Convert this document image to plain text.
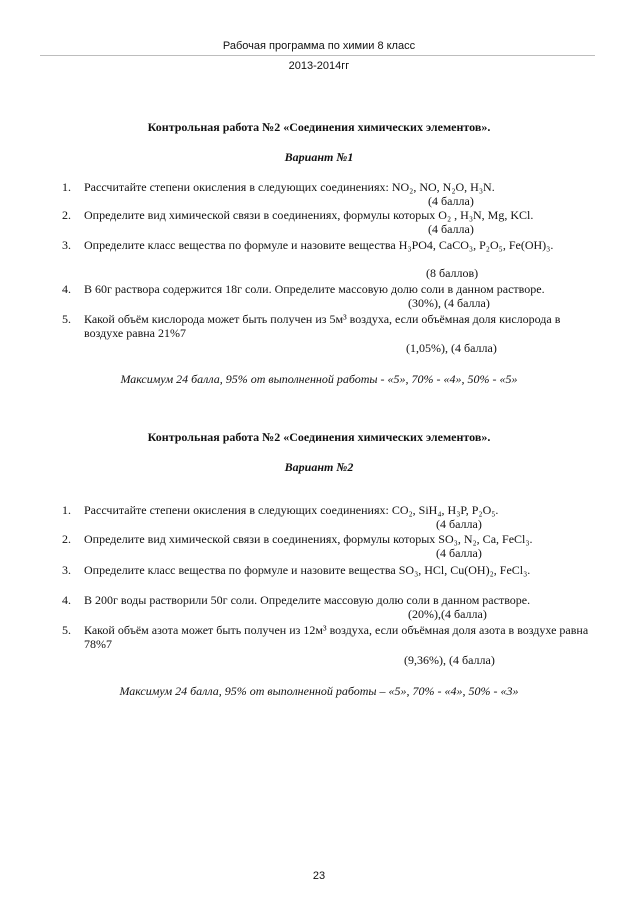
Рабочая программа по химии 8 класс
2013-2014гг
Контрольная работа №2 «Соединения химических элементов».
Вариант №1
1.	Рассчитайте степени окисления в следующих соединениях: NO₂, NO, N₂O, H₃N.
(4 балла)
2.	Определите вид химической связи в соединениях, формулы которых O₂ , H₃N, Mg, KCl.
(4 балла)
3.	Определите класс вещества по формуле и назовите вещества H₃PO4, CaCO₃, P₂O₅, Fe(OH)₃.
(8 баллов)
4.	В 60г раствора содержится 18г соли. Определите массовую долю соли в данном растворе.
(30%), (4 балла)
5.	Какой объём кислорода может быть получен из 5м³ воздуха, если объёмная доля кислорода в воздухе равна 21%7
(1,05%), (4 балла)
Максимум 24 балла, 95% от выполненной работы - «5», 70% - «4», 50% - «5»
Контрольная работа №2 «Соединения химических элементов».
Вариант №2
1.	Рассчитайте степени окисления в следующих соединениях: CO₂, SiH₄, H₃P, P₂O₅.
(4 балла)
2.	Определите вид химической связи в соединениях, формулы которых SO₃, N₂, Ca, FeCl₃.
(4 балла)
3.	Определите класс вещества по формуле и назовите вещества SO₃, HCl, Cu(OH)₂, FeCl₃.
4.	В 200г воды растворили 50г соли. Определите массовую долю соли в данном растворе.
(20%),(4 балла)
5.	Какой объём азота может быть получен из 12м³ воздуха, если объёмная доля азота в воздухе равна 78%7
(9,36%), (4 балла)
Максимум 24 балла, 95% от выполненной работы – «5», 70% - «4», 50% - «3»
23
